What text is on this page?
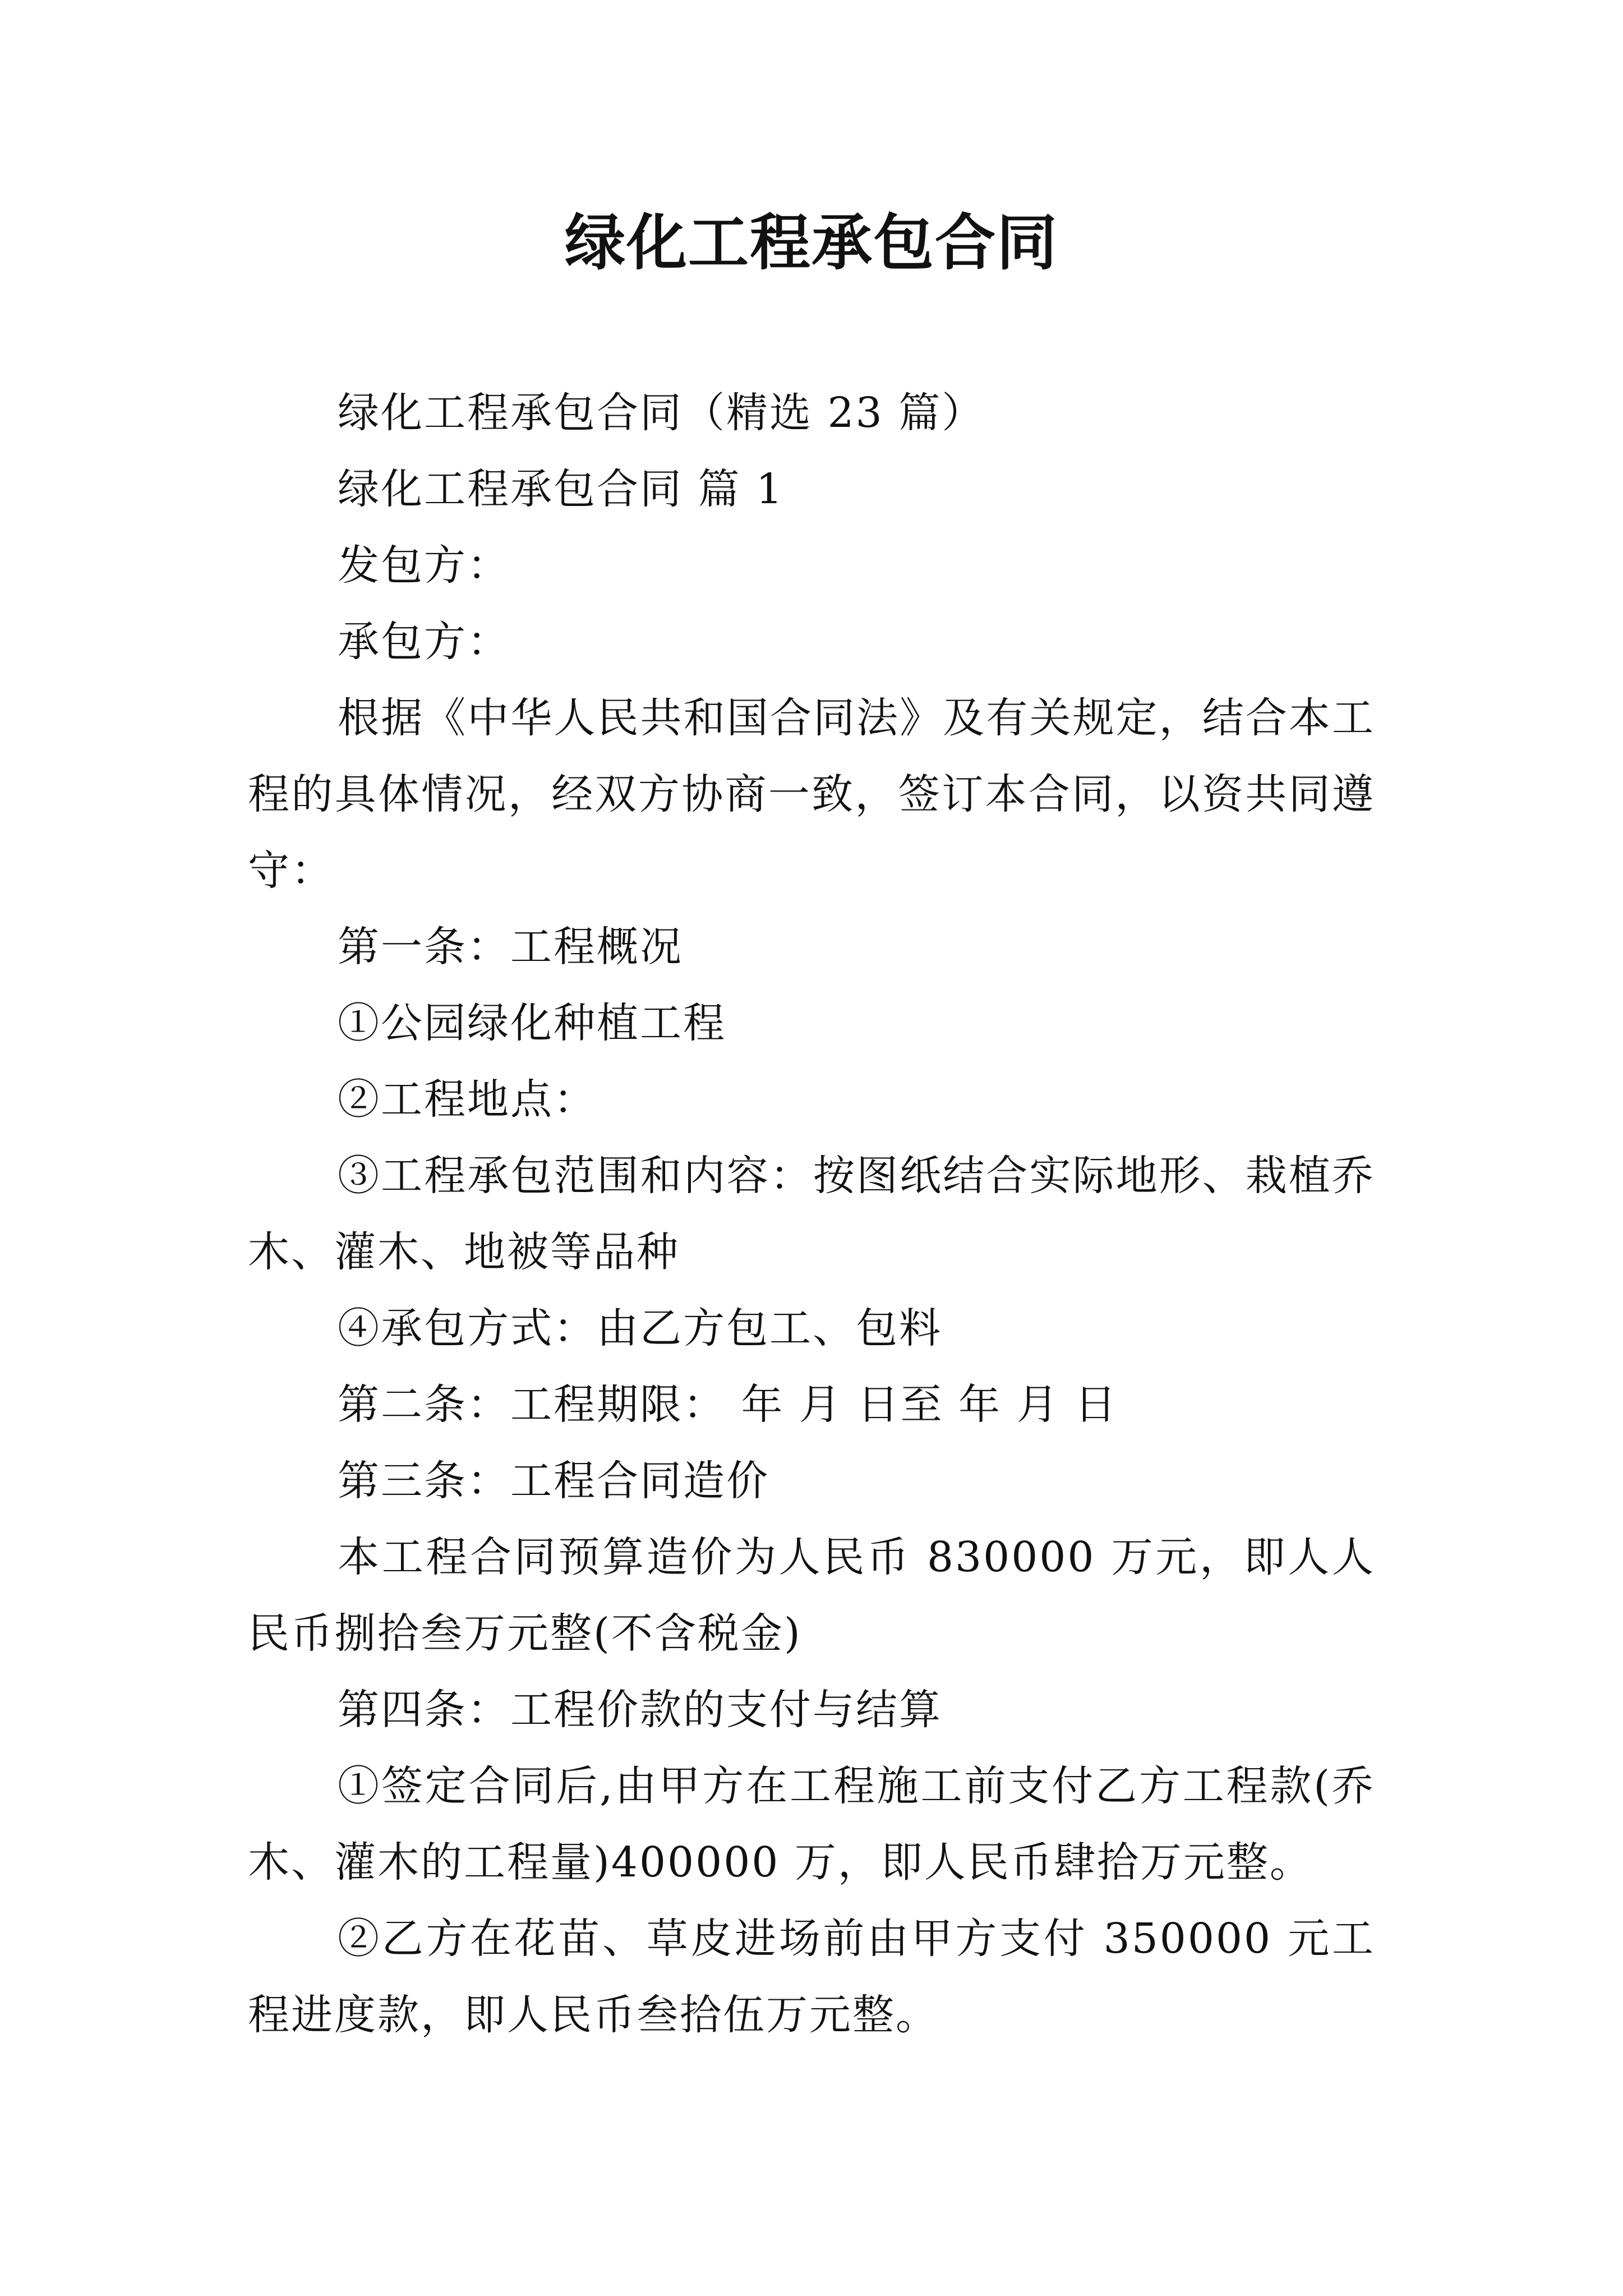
绿化工程承包合同

绿化工程承包合同（精选 23 篇）

绿化工程承包合同 篇 1

发包方：

承包方：

根据《中华人民共和国合同法》及有关规定，结合本工程的具体情况，经双方协商一致，签订本合同，以资共同遵守：

第一条：工程概况

①公园绿化种植工程

②工程地点：

③工程承包范围和内容：按图纸结合实际地形、栽植乔木、灌木、地被等品种

④承包方式：由乙方包工、包料

第二条：工程期限： 年 月 日至 年 月 日

第三条：工程合同造价

本工程合同预算造价为人民币 830000 万元，即人人民币捌拾叁万元整(不含税金)

第四条：工程价款的支付与结算

①签定合同后,由甲方在工程施工前支付乙方工程款(乔木、灌木的工程量)400000 万，即人民币肆拾万元整。

②乙方在花苗、草皮进场前由甲方支付 350000 元工程进度款，即人民币叁拾伍万元整。
